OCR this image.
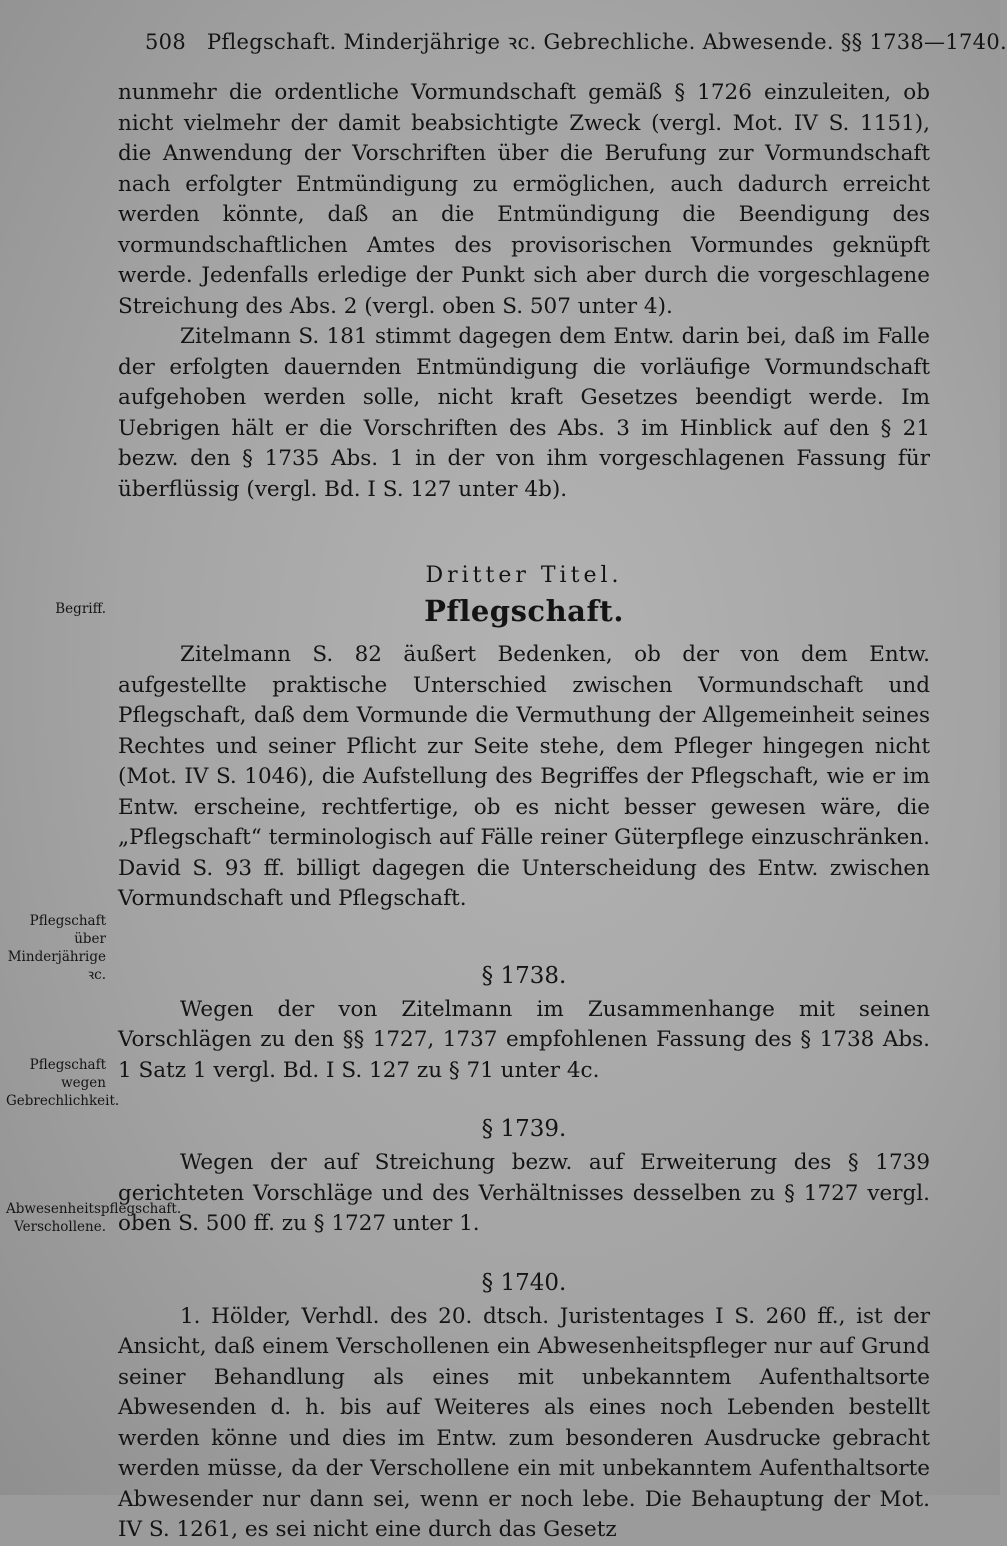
508 Pflegschaft. Minderjährige ꝛc. Gebrechliche. Abwesende. §§ 1738—1740.
Begriff.
Pflegschaft über Minderjährige ꝛc.
Pflegschaft wegen Gebrechlichkeit.
Abwesenheitspflegschaft. Verschollene.

nunmehr die ordentliche Vormundschaft gemäß § 1726 einzuleiten, ob nicht vielmehr der damit beabsichtigte Zweck (vergl. Mot. IV S. 1151), die Anwendung der Vorschriften über die Berufung zur Vormundschaft nach erfolgter Entmündigung zu ermöglichen, auch dadurch erreicht werden könnte, daß an die Entmündigung die Beendigung des vormundschaftlichen Amtes des provisorischen Vormundes geknüpft werde. Jedenfalls erledige der Punkt sich aber durch die vorgeschlagene Streichung des Abs. 2 (vergl. oben S. 507 unter 4).

Zitelmann S. 181 stimmt dagegen dem Entw. darin bei, daß im Falle der erfolgten dauernden Entmündigung die vorläufige Vormundschaft aufgehoben werden solle, nicht kraft Gesetzes beendigt werde. Im Uebrigen hält er die Vorschriften des Abs. 3 im Hinblick auf den § 21 bezw. den § 1735 Abs. 1 in der von ihm vorgeschlagenen Fassung für überflüssig (vergl. Bd. I S. 127 unter 4b).

Dritter Titel.
Pflegschaft.

Zitelmann S. 82 äußert Bedenken, ob der von dem Entw. aufgestellte praktische Unterschied zwischen Vormundschaft und Pflegschaft, daß dem Vormunde die Vermuthung der Allgemeinheit seines Rechtes und seiner Pflicht zur Seite stehe, dem Pfleger hingegen nicht (Mot. IV S. 1046), die Aufstellung des Begriffes der Pflegschaft, wie er im Entw. erscheine, rechtfertige, ob es nicht besser gewesen wäre, die „Pflegschaft“ terminologisch auf Fälle reiner Güterpflege einzuschränken. David S. 93 ff. billigt dagegen die Unterscheidung des Entw. zwischen Vormundschaft und Pflegschaft.

§ 1738.

Wegen der von Zitelmann im Zusammenhange mit seinen Vorschlägen zu den §§ 1727, 1737 empfohlenen Fassung des § 1738 Abs. 1 Satz 1 vergl. Bd. I S. 127 zu § 71 unter 4c.

§ 1739.

Wegen der auf Streichung bezw. auf Erweiterung des § 1739 gerichteten Vorschläge und des Verhältnisses desselben zu § 1727 vergl. oben S. 500 ff. zu § 1727 unter 1.

§ 1740.

1. Hölder, Verhdl. des 20. dtsch. Juristentages I S. 260 ff., ist der Ansicht, daß einem Verschollenen ein Abwesenheitspfleger nur auf Grund seiner Behandlung als eines mit unbekanntem Aufenthaltsorte Abwesenden d. h. bis auf Weiteres als eines noch Lebenden bestellt werden könne und dies im Entw. zum besonderen Ausdrucke gebracht werden müsse, da der Verschollene ein mit unbekanntem Aufenthaltsorte Abwesender nur dann sei, wenn er noch lebe. Die Behauptung der Mot. IV S. 1261, es sei nicht eine durch das Gesetz
